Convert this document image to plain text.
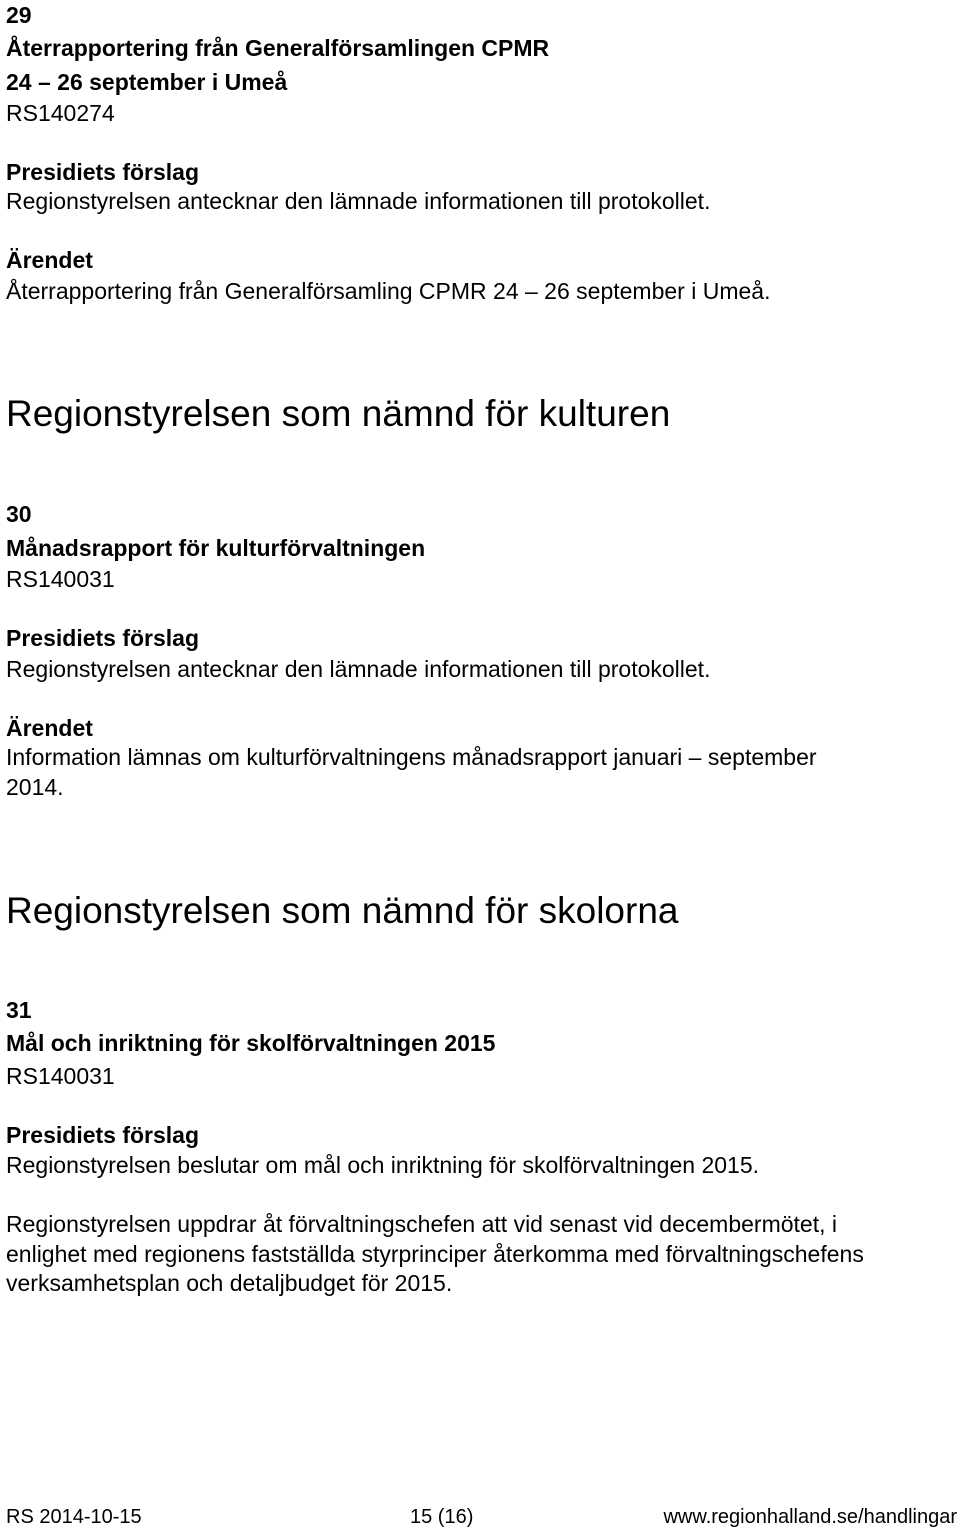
29
Återrapportering från Generalförsamlingen CPMR
24 – 26 september i Umeå
RS140274
Presidiets förslag
Regionstyrelsen antecknar den lämnade informationen till protokollet.
Ärendet
Återrapportering från Generalförsamling CPMR 24 – 26 september i Umeå.
Regionstyrelsen som nämnd för kulturen
30
Månadsrapport för kulturförvaltningen
RS140031
Presidiets förslag
Regionstyrelsen antecknar den lämnade informationen till protokollet.
Ärendet
Information lämnas om kulturförvaltningens månadsrapport januari – september
2014.
Regionstyrelsen som nämnd för skolorna
31
Mål och inriktning för skolförvaltningen 2015
RS140031
Presidiets förslag
Regionstyrelsen beslutar om mål och inriktning för skolförvaltningen 2015.
Regionstyrelsen uppdrar åt förvaltningschefen att vid senast vid decembermötet, i
enlighet med regionens fastställda styrprinciper återkomma med förvaltningschefens
verksamhetsplan och detaljbudget för 2015.
RS 2014-10-15	15 (16)	www.regionhalland.se/handlingar
